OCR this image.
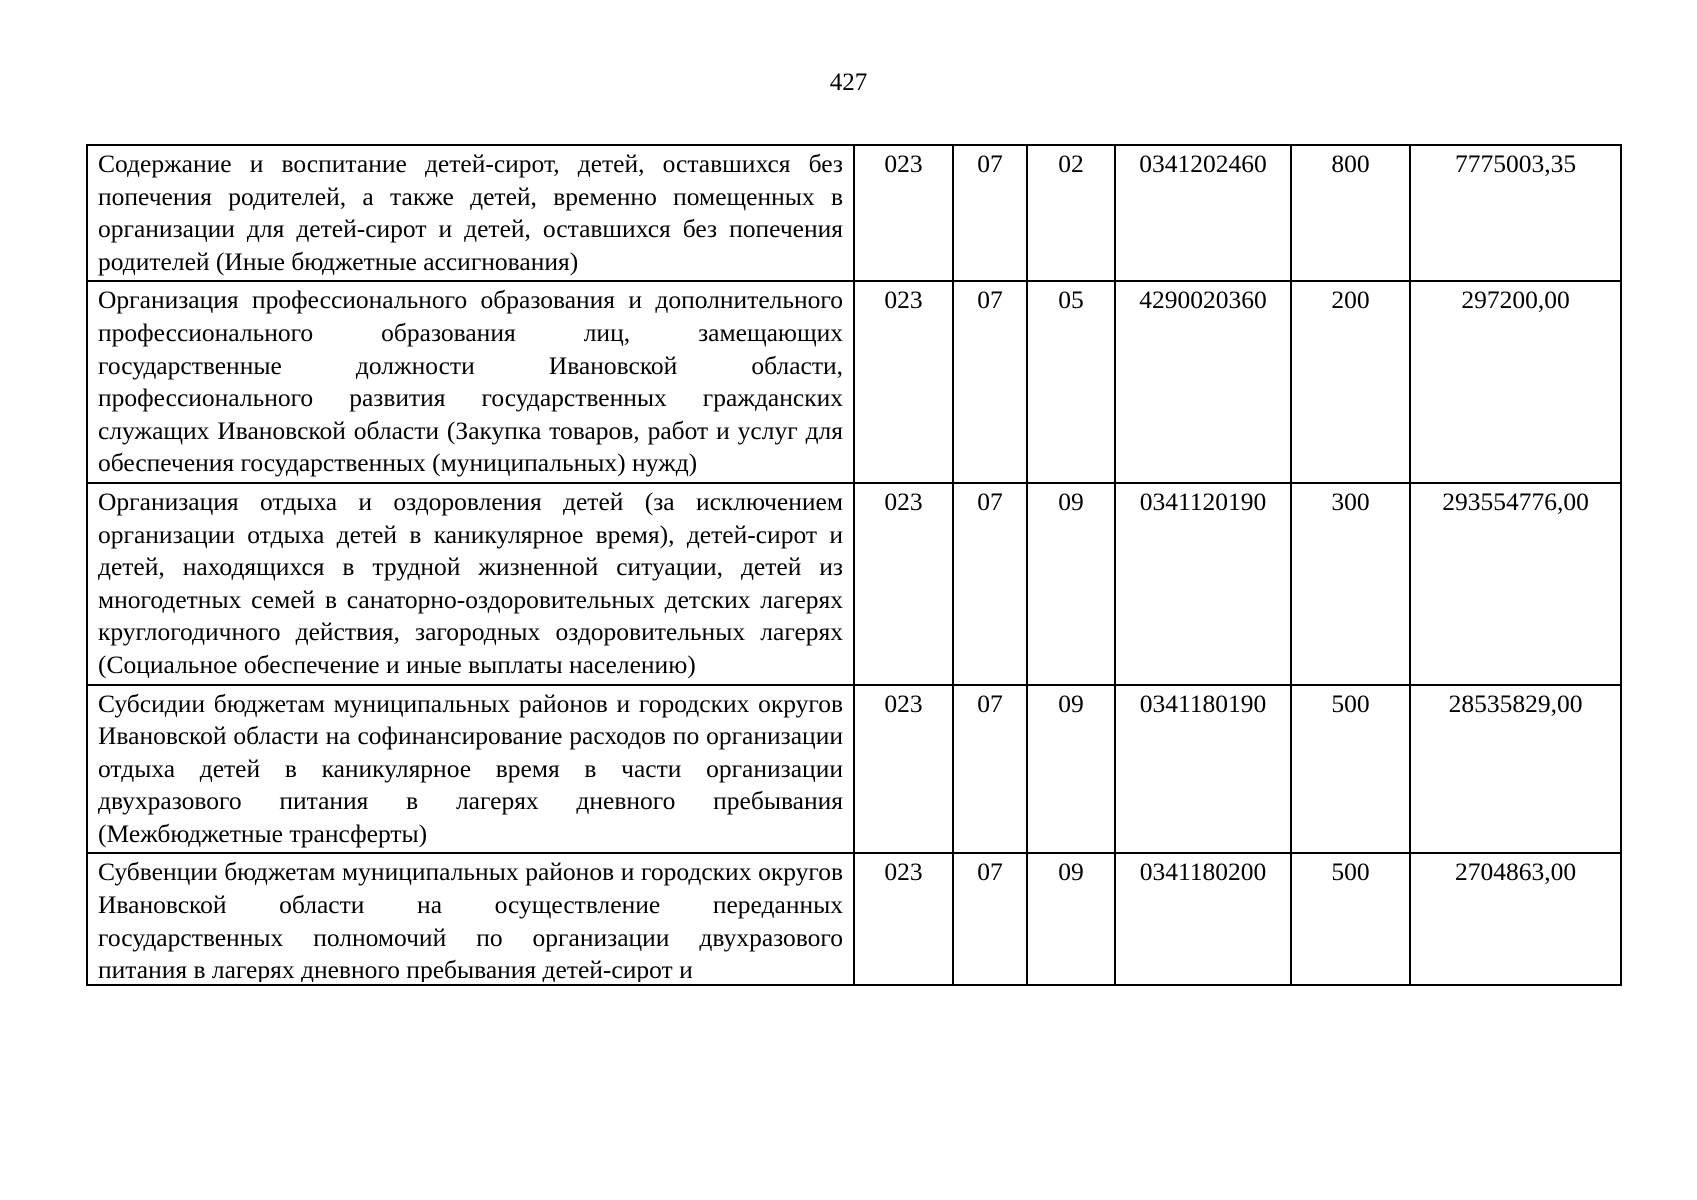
427
Содержание и воспитание детей-сирот, детей, оставшихся без попечения родителей, а также детей, временно помещенных в организации для детей-сирот и детей, оставшихся без попечения родителей (Иные бюджетные ассигнования)	023	07	02	0341202460	800	7775003,35
Организация профессионального образования и дополнительного профессионального образования лиц, замещающих государственные должности Ивановской области, профессионального развития государственных гражданских служащих Ивановской области (Закупка товаров, работ и услуг для обеспечения государственных (муниципальных) нужд)	023	07	05	4290020360	200	297200,00
Организация отдыха и оздоровления детей (за исключением организации отдыха детей в каникулярное время), детей-сирот и детей, находящихся в трудной жизненной ситуации, детей из многодетных семей в санаторно-оздоровительных детских лагерях круглогодичного действия, загородных оздоровительных лагерях (Социальное обеспечение и иные выплаты населению)	023	07	09	0341120190	300	293554776,00
Субсидии бюджетам муниципальных районов и городских округов Ивановской области на софинансирование расходов по организации отдыха детей в каникулярное время в части организации двухразового питания в лагерях дневного пребывания (Межбюджетные трансферты)	023	07	09	0341180190	500	28535829,00

Субвенции бюджетам муниципальных районов и городских округов Ивановской области на осуществление переданных государственных полномочий по организации двухразового питания в лагерях дневного пребывания детей-сирот и	023	07	09	0341180200	500	2704863,00
